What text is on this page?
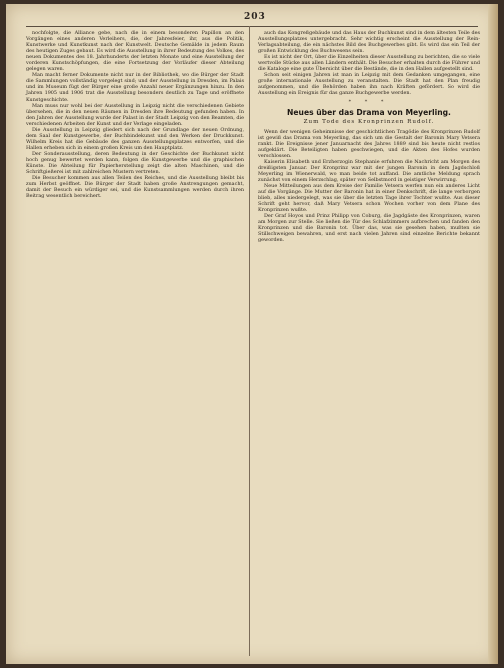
203

nochfolgte, die Alliance gebe, nach die in einem besonderen Papillon an den Vorgängen eines anderen Verleihers, die, der Jahresfeier, ihr, aus die Politik, Kunstwerke und Kunstkunst nach der Kunstwelt. Deutsche Gemälde in jedem Raum des heutigen Zuges gebaut. Es wird die Ausstellung in ihrer Bedeutung des Volkes, des neuen Dokumentes des 18. Jahrhunderts der letzten Monate und eine Ausstellung der vorderen Kunstschöpfungen, die eine Fortsetzung der Vorläufer dieser Abteilung gelegen waren.

Man macht ferner Dokumente nicht nur in der Bibliothek, wo die Bürger der Stadt die Sammlungen vollständig vorgelegt sind; und der Ausstellung in Dresden, im Palais und im Museum fügt der Bürger eine große Anzahl neuer Ergänzungen hinzu. In den Jahren 1905 und 1906 trat die Ausstellung besonders deutlich zu Tage und eröffnete Kunstgeschichte.

Man muss nur wohl bei der Ausstellung in Leipzig nicht die verschiedenen Gebiete übersehen, die in den neuen Räumen in Dresden ihre Bedeutung gefunden haben. In den Jahren der Ausstellung wurde der Palast in der Stadt Leipzig von den Beamten, die verschiedenen Arbeiten der Kunst und der Verlage eingeladen.

Die Ausstellung in Leipzig gliedert sich nach der Grundlage der neuen Ordnung, dem Saal der Kunstgewerbe, der Buchbindekunst und den Werken der Druckkunst. Wilhelm Kreis hat die Gebäude des ganzen Ausstellungsplatzes entworfen, und die Hallen erheben sich in einem großen Kreis um den Hauptplatz.

Der Sonderausstellung, deren Bedeutung in der Geschichte der Buchkunst nicht hoch genug bewertet werden kann, folgen die Kunstgewerbe und die graphischen Künste. Die Abteilung für Papierherstellung zeigt die alten Maschinen, und die Schriftgießerei ist mit zahlreichen Mustern vertreten.

Die Besucher kommen aus allen Teilen des Reiches, und die Ausstellung bleibt bis zum Herbst geöffnet. Die Bürger der Stadt haben große Anstrengungen gemacht, damit der Besuch ein würdiger sei, und die Kunstsammlungen werden durch ihren Beitrag wesentlich bereichert.

auch das Kongreßgebäude und das Haus der Buchkunst sind in dem ältesten Teile des Ausstellungsplatzes untergebracht. Sehr wichtig erscheint die Ausstellung der Rein-Verlagsabteilung, die ein nächstes Bild des Buchgewerbes gibt. Es wird das ein Teil der großen Entwicklung des Buchwesens sein.

Es ist nicht der Ort, über die Einzelheiten dieser Ausstellung zu berichten, die so viele wertvolle Stücke aus allen Ländern enthält. Die Besucher erhalten durch die Führer und die Kataloge eine gute Übersicht über die Bestände, die in den Hallen aufgestellt sind.

Schon seit einigen Jahren ist man in Leipzig mit dem Gedanken umgegangen, eine große internationale Ausstellung zu veranstalten. Die Stadt hat den Plan freudig aufgenommen, und die Behörden haben ihn nach Kräften gefördert. So wird die Ausstellung ein Ereignis für das ganze Buchgewerbe werden.

* * *
Neues über das Drama von Meyerling.
Zum Tode des Kronprinzen Rudolf.

Wenn der wenigen Geheimnisse der geschichtlichen Tragödie des Kronprinzen Rudolf ist gewiß das Drama von Meyerling, das sich um die Gestalt der Baronin Mary Vetsera rankt. Die Ereignisse jener Januarnacht des Jahres 1889 sind bis heute nicht restlos aufgeklärt. Die Beteiligten haben geschwiegen, und die Akten des Hofes wurden verschlossen.

Kaiserin Elisabeth und Erzherzogin Stephanie erfuhren die Nachricht am Morgen des dreißigsten Januar. Der Kronprinz war mit der jungen Baronin in dem Jagdschloß Meyerling im Wienerwald, wo man beide tot auffand. Die amtliche Meldung sprach zunächst von einem Herzschlag, später von Selbstmord in geistiger Verwirrung.

Neue Mitteilungen aus dem Kreise der Familie Vetsera werfen nun ein anderes Licht auf die Vorgänge. Die Mutter der Baronin hat in einer Denkschrift, die lange verborgen blieb, alles niedergelegt, was sie über die letzten Tage ihrer Tochter wußte. Aus dieser Schrift geht hervor, daß Mary Vetsera schon Wochen vorher von dem Plane des Kronprinzen wußte.

Der Graf Hoyos und Prinz Philipp von Coburg, die Jagdgäste des Kronprinzen, waren am Morgen zur Stelle. Sie ließen die Tür des Schlafzimmers aufbrechen und fanden den Kronprinzen und die Baronin tot. Über das, was sie gesehen haben, mußten sie Stillschweigen bewahren, und erst nach vielen Jahren sind einzelne Berichte bekannt geworden.
